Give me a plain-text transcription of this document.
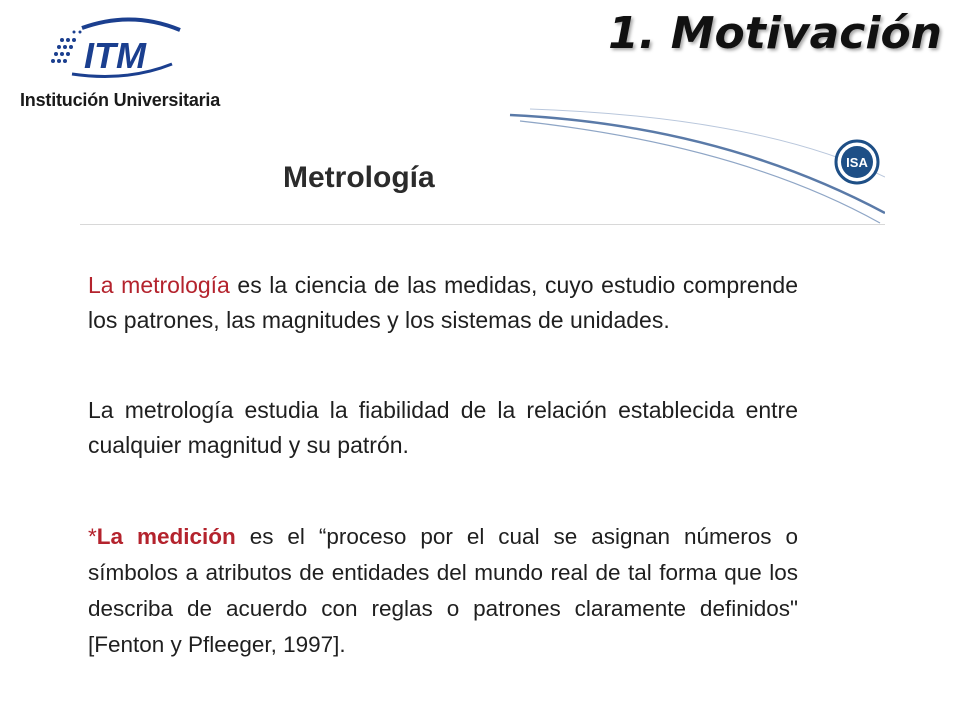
ITM
Institución Universitaria
1. Motivación
ISA
Metrología
La metrología es la ciencia de las medidas, cuyo estudio comprende los patrones, las magnitudes y los sistemas de unidades.
La metrología estudia la fiabilidad de la relación establecida entre cualquier magnitud y su patrón.
*La medición es el “proceso por el cual se asignan números o símbolos a atributos de entidades del mundo real de tal forma que los describa de acuerdo con reglas o patrones claramente definidos" [Fenton y Pfleeger, 1997].
